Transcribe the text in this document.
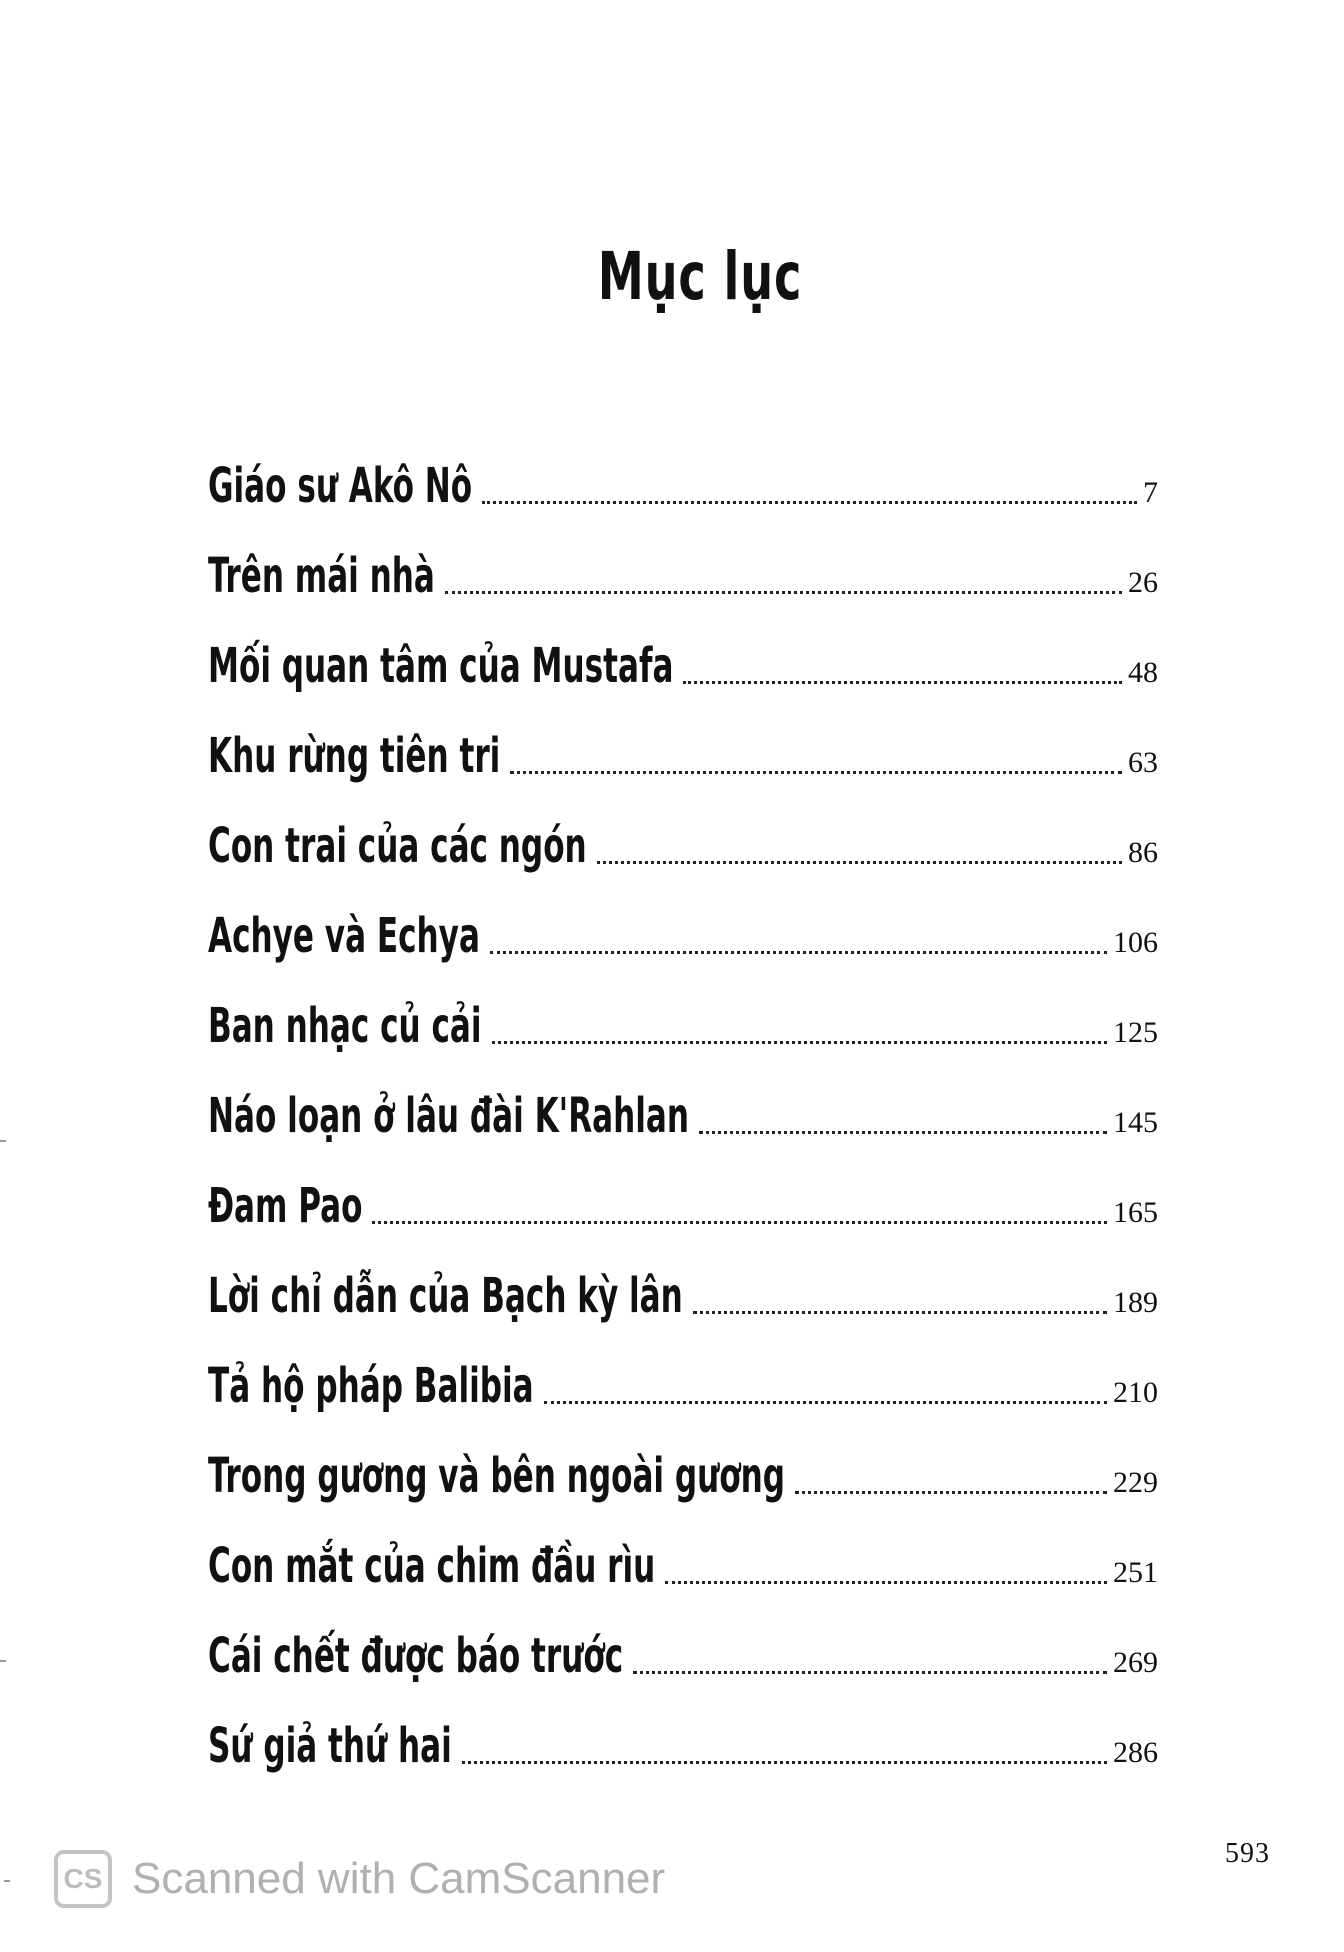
Mục lục
Giáo sư Akô Nô	7
Trên mái nhà	26
Mối quan tâm của Mustafa	48
Khu rừng tiên tri	63
Con trai của các ngón	86
Achye và Echya	106
Ban nhạc củ cải	125
Náo loạn ở lâu đài K'Rahlan	145
Đam Pao	165
Lời chỉ dẫn của Bạch kỳ lân	189
Tả hộ pháp Balibia	210
Trong gương và bên ngoài gương	229
Con mắt của chim đầu rìu	251
Cái chết được báo trước	269
Sứ giả thứ hai	286
593
CS Scanned with CamScanner
